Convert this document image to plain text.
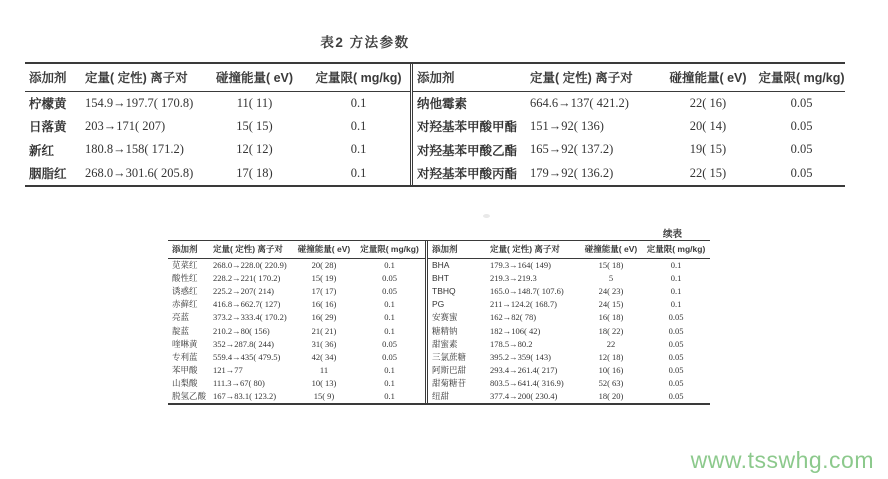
表2 方法参数
添加剂	定量( 定性) 离子对	碰撞能量( eV)	定量限( mg/kg)
柠檬黄	154.9→197.7( 170.8)	11( 11)	0.1
日落黄	203→171( 207)	15( 15)	0.1
新红	180.8→158( 171.2)	12( 12)	0.1
胭脂红	268.0→301.6( 205.8)	17( 18)	0.1
添加剂	定量( 定性) 离子对	碰撞能量( eV)	定量限( mg/kg)
纳他霉素	664.6→137( 421.2)	22( 16)	0.05
对羟基苯甲酸甲酯	151→92( 136)	20( 14)	0.05
对羟基苯甲酸乙酯	165→92( 137.2)	19( 15)	0.05
对羟基苯甲酸丙酯	179→92( 136.2)	22( 15)	0.05
续表
添加剂	定量( 定性) 离子对	碰撞能量( eV)	定量限( mg/kg)
苋菜红	268.0→228.0( 220.9)	20( 28)	0.1
酸性红	228.2→221( 170.2)	15( 19)	0.05
诱惑红	225.2→207( 214)	17( 17)	0.05
赤藓红	416.8→662.7( 127)	16( 16)	0.1
亮蓝	373.2→333.4( 170.2)	16( 29)	0.1
靛蓝	210.2→80( 156)	21( 21)	0.1
喹啉黄	352→287.8( 244)	31( 36)	0.05
专利蓝	559.4→435( 479.5)	42( 34)	0.05
苯甲酸	121→77	11	0.1
山梨酸	111.3→67( 80)	10( 13)	0.1
脱氢乙酸	167→83.1( 123.2)	15( 9)	0.1
添加剂	定量( 定性) 离子对	碰撞能量( eV)	定量限( mg/kg)
BHA	179.3→164( 149)	15( 18)	0.1
BHT	219.3→219.3	5	0.1
TBHQ	165.0→148.7( 107.6)	24( 23)	0.1
PG	211→124.2( 168.7)	24( 15)	0.1
安赛蜜	162→82( 78)	16( 18)	0.05
糖精钠	182→106( 42)	18( 22)	0.05
甜蜜素	178.5→80.2	22	0.05
三氯蔗糖	395.2→359( 143)	12( 18)	0.05
阿斯巴甜	293.4→261.4( 217)	10( 16)	0.05
甜菊糖苷	803.5→641.4( 316.9)	52( 63)	0.05
纽甜	377.4→200( 230.4)	18( 20)	0.05
www.tsswhg.com
